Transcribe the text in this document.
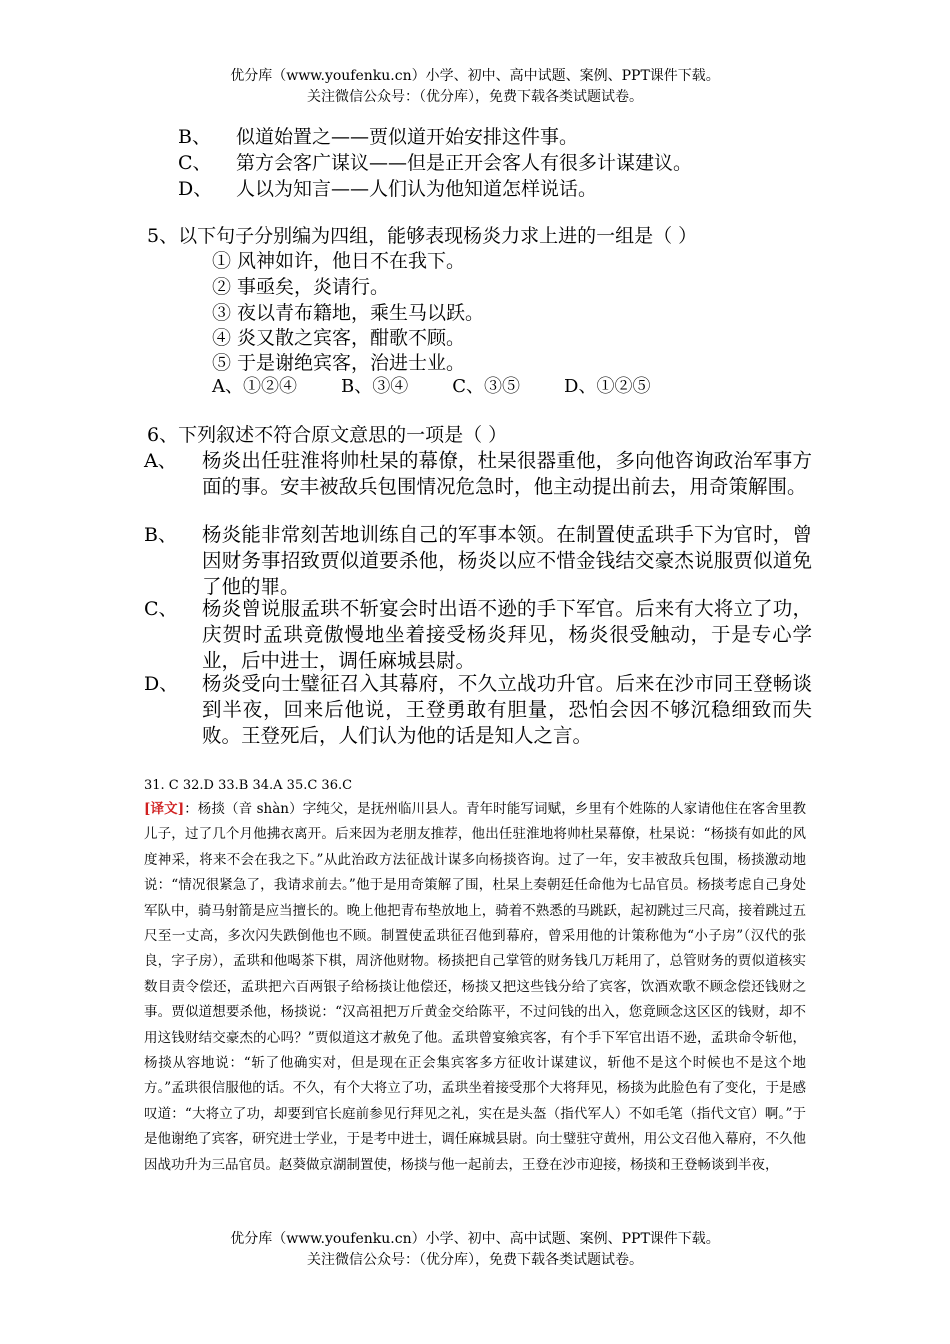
优分库（www.youfenku.cn）小学、初中、高中试题、案例、PPT课件下载。
关注微信公众号：（优分库），免费下载各类试题试卷。
B、 似道始置之——贾似道开始安排这件事。
C、 第方会客广谋议——但是正开会客人有很多计谋建议。
D、 人以为知言——人们认为他知道怎样说话。
5、以下句子分别编为四组，能够表现杨炎力求上进的一组是（ ）
① 风神如许，他日不在我下。
② 事亟矣，炎请行。
③ 夜以青布籍地，乘生马以跃。
④ 炎又散之宾客，酣歌不顾。
⑤ 于是谢绝宾客，治进士业。
A、①②④ B、③④ C、③⑤ D、①②⑤
6、下列叙述不符合原文意思的一项是（ ）
A、 杨炎出任驻淮将帅杜杲的幕僚，杜杲很器重他，多向他咨询政治军事方面的事。安丰被敌兵包围情况危急时，他主动提出前去，用奇策解围。
B、 杨炎能非常刻苦地训练自己的军事本领。在制置使孟珙手下为官时，曾因财务事招致贾似道要杀他，杨炎以应不惜金钱结交豪杰说服贾似道免了他的罪。
C、 杨炎曾说服孟珙不斩宴会时出语不逊的手下军官。后来有大将立了功，庆贺时孟珙竟傲慢地坐着接受杨炎拜见，杨炎很受触动，于是专心学业，后中进士，调任麻城县尉。
D、 杨炎受向士璧征召入其幕府，不久立战功升官。后来在沙市同王登畅谈到半夜，回来后他说，王登勇敢有胆量，恐怕会因不够沉稳细致而失败。王登死后，人们认为他的话是知人之言。
31. C 32.D 33.B 34.A 35.C 36.C
[译文]：杨掞（音 shàn）字纯父，是抚州临川县人。青年时能写词赋，乡里有个姓陈的人家请他住在客舍里教儿子，过了几个月他拂衣离开。后来因为老朋友推荐，他出任驻淮地将帅杜杲幕僚，杜杲说：“杨掞有如此的风度神采，将来不会在我之下。”从此治政方法征战计谋多向杨掞咨询。过了一年，安丰被敌兵包围，杨掞激动地说：“情况很紧急了，我请求前去。”他于是用奇策解了围，杜杲上奏朝廷任命他为七品官员。杨掞考虑自己身处军队中，骑马射箭是应当擅长的。晚上他把青布垫放地上，骑着不熟悉的马跳跃，起初跳过三尺高，接着跳过五尺至一丈高，多次闪失跌倒他也不顾。制置使孟珙征召他到幕府，曾采用他的计策称他为“小子房”（汉代的张良，字子房），孟珙和他喝茶下棋，周济他财物。杨掞把自己掌管的财务钱几万耗用了，总管财务的贾似道核实数目责令偿还，孟珙把六百两银子给杨掞让他偿还，杨掞又把这些钱分给了宾客，饮酒欢歌不顾念偿还钱财之事。贾似道想要杀他，杨掞说：“汉高祖把万斤黄金交给陈平，不过问钱的出入，您竟顾念这区区的钱财，却不用这钱财结交豪杰的心吗？”贾似道这才赦免了他。孟珙曾宴飨宾客，有个手下军官出语不逊，孟珙命令斩他，杨掞从容地说：“斩了他确实对，但是现在正会集宾客多方征收计谋建议，斩他不是这个时候也不是这个地方。”孟珙很信服他的话。不久，有个大将立了功，孟珙坐着接受那个大将拜见，杨掞为此脸色有了变化，于是感叹道：“大将立了功，却要到官长庭前参见行拜见之礼，实在是头盔（指代军人）不如毛笔（指代文官）啊。”于是他谢绝了宾客，研究进士学业，于是考中进士，调任麻城县尉。向士璧驻守黄州，用公文召他入幕府，不久他因战功升为三品官员。赵葵做京湖制置使，杨掞与他一起前去，王登在沙市迎接，杨掞和王登畅谈到半夜，
优分库（www.youfenku.cn）小学、初中、高中试题、案例、PPT课件下载。
关注微信公众号：（优分库），免费下载各类试题试卷。
